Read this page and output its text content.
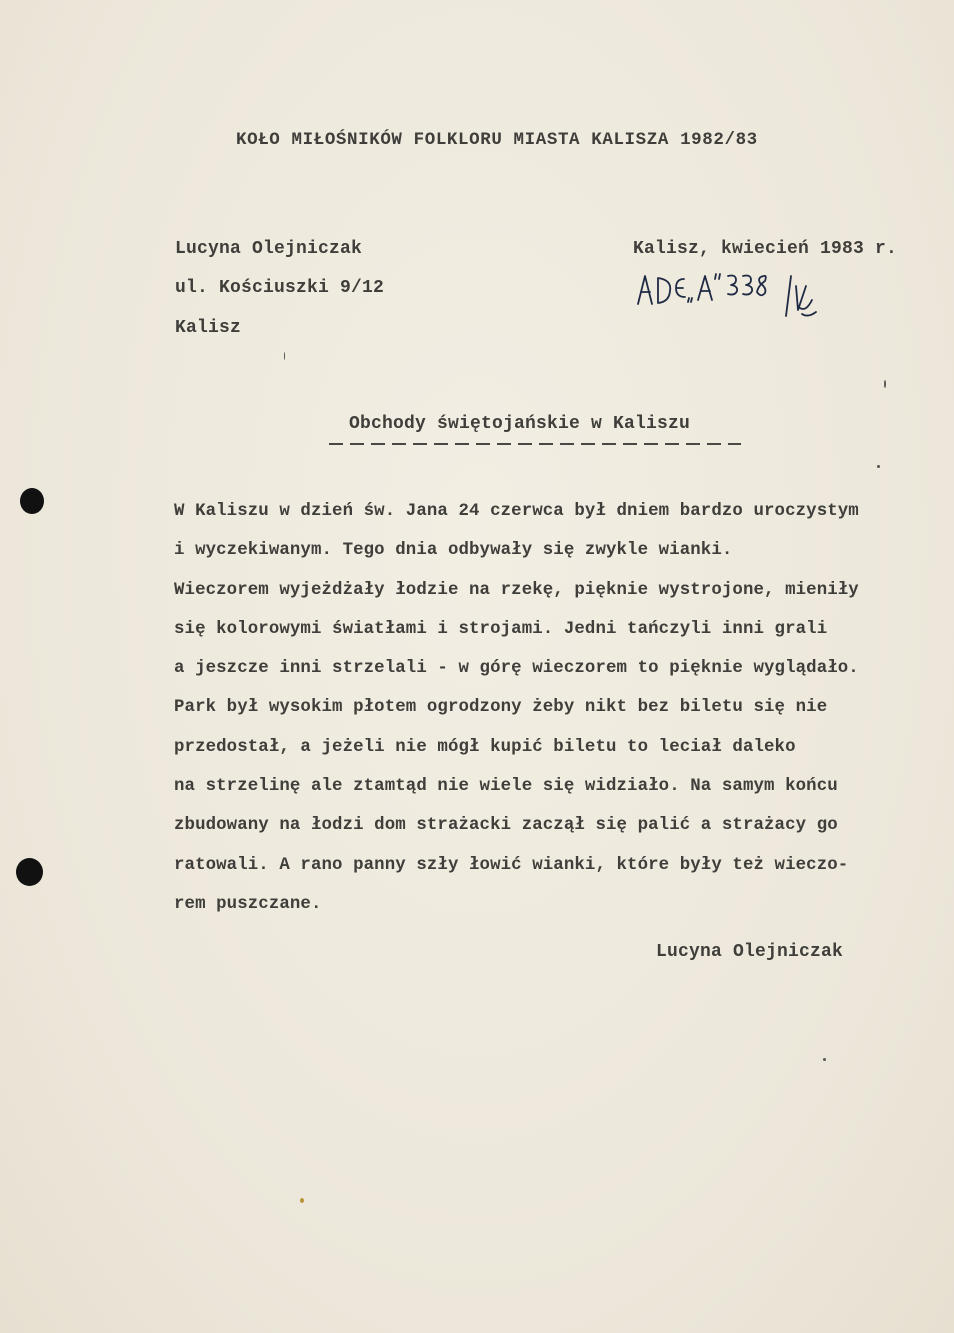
KOŁO MIŁOŚNIKÓW FOLKLORU MIASTA KALISZA 1982/83
Lucyna Olejniczak
ul. Kościuszki 9/12
Kalisz
Kalisz, kwiecień 1983 r.
Obchody świętojańskie w Kaliszu
W Kaliszu w dzień św. Jana 24 czerwca był dniem bardzo uroczystym
i wyczekiwanym. Tego dnia odbywały się zwykle wianki.
Wieczorem wyjeżdżały łodzie na rzekę, pięknie wystrojone, mieniły
się kolorowymi światłami i strojami. Jedni tańczyli inni grali
a jeszcze inni strzelali - w górę wieczorem to pięknie wyglądało.
Park był wysokim płotem ogrodzony żeby nikt bez biletu się nie
przedostał, a jeżeli nie mógł kupić biletu to leciał daleko
na strzelinę ale ztamtąd nie wiele się widziało. Na samym końcu
zbudowany na łodzi dom strażacki zaczął się palić a strażacy go
ratowali. A rano panny szły łowić wianki, które były też wieczo-
rem puszczane.
Lucyna Olejniczak
